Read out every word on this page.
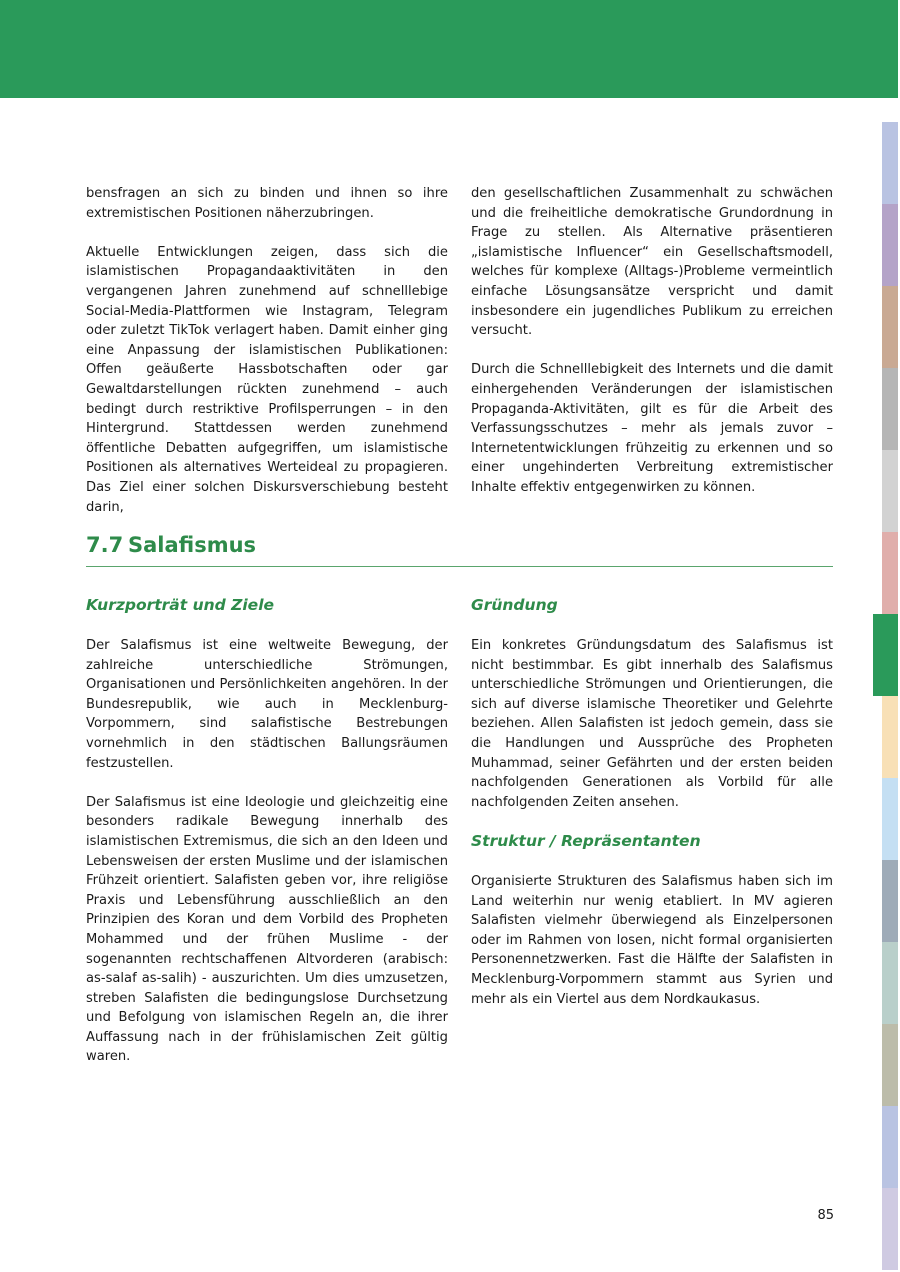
bensfragen an sich zu binden und ihnen so ihre extremistischen Positionen näherzubringen.

Aktuelle Entwicklungen zeigen, dass sich die islamistischen Propagandaaktivitäten in den vergangenen Jahren zunehmend auf schnelllebige Social-Media-Plattformen wie Instagram, Telegram oder zuletzt TikTok verlagert haben. Damit einher ging eine Anpassung der islamistischen Publikationen: Offen geäußerte Hassbotschaften oder gar Gewaltdarstellungen rückten zunehmend – auch bedingt durch restriktive Profilsperrungen – in den Hintergrund. Stattdessen werden zunehmend öffentliche Debatten aufgegriffen, um islamistische Positionen als alternatives Werteideal zu propagieren. Das Ziel einer solchen Diskursverschiebung besteht darin,

den gesellschaftlichen Zusammenhalt zu schwächen und die freiheitliche demokratische Grundordnung in Frage zu stellen. Als Alternative präsentieren „islamistische Influencer“ ein Gesellschaftsmodell, welches für komplexe (Alltags-)Probleme vermeintlich einfache Lösungsansätze verspricht und damit insbesondere ein jugendliches Publikum zu erreichen versucht.

Durch die Schnelllebigkeit des Internets und die damit einhergehenden Veränderungen der islamistischen Propaganda-Aktivitäten, gilt es für die Arbeit des Verfassungsschutzes – mehr als jemals zuvor – Internetentwicklungen frühzeitig zu erkennen und so einer ungehinderten Verbreitung extremistischer Inhalte effektiv entgegenwirken zu können.

7.7 Salafismus
Kurzporträt und Ziele

Der Salafismus ist eine weltweite Bewegung, der zahlreiche unterschiedliche Strömungen, Organisationen und Persönlichkeiten angehören. In der Bundesrepublik, wie auch in Mecklenburg-Vorpommern, sind salafistische Bestrebungen vornehmlich in den städtischen Ballungsräumen festzustellen.

Der Salafismus ist eine Ideologie und gleichzeitig eine besonders radikale Bewegung innerhalb des islamistischen Extremismus, die sich an den Ideen und Lebensweisen der ersten Muslime und der islamischen Frühzeit orientiert. Salafisten geben vor, ihre religiöse Praxis und Lebensführung ausschließlich an den Prinzipien des Koran und dem Vorbild des Propheten Mohammed und der frühen Muslime - der sogenannten rechtschaffenen Altvorderen (arabisch: as-salaf as-salih) - auszurichten. Um dies umzusetzen, streben Salafisten die bedingungslose Durchsetzung und Befolgung von islamischen Regeln an, die ihrer Auffassung nach in der frühislamischen Zeit gültig waren.

Gründung

Ein konkretes Gründungsdatum des Salafismus ist nicht bestimmbar. Es gibt innerhalb des Salafismus unterschiedliche Strömungen und Orientierungen, die sich auf diverse islamische Theoretiker und Gelehrte beziehen. Allen Salafisten ist jedoch gemein, dass sie die Handlungen und Aussprüche des Propheten Muhammad, seiner Gefährten und der ersten beiden nachfolgenden Generationen als Vorbild für alle nachfolgenden Zeiten ansehen.

Struktur / Repräsentanten

Organisierte Strukturen des Salafismus haben sich im Land weiterhin nur wenig etabliert. In MV agieren Salafisten vielmehr überwiegend als Einzelpersonen oder im Rahmen von losen, nicht formal organisierten Personennetzwerken. Fast die Hälfte der Salafisten in Mecklenburg-Vorpommern stammt aus Syrien und mehr als ein Viertel aus dem Nordkaukasus.

85
